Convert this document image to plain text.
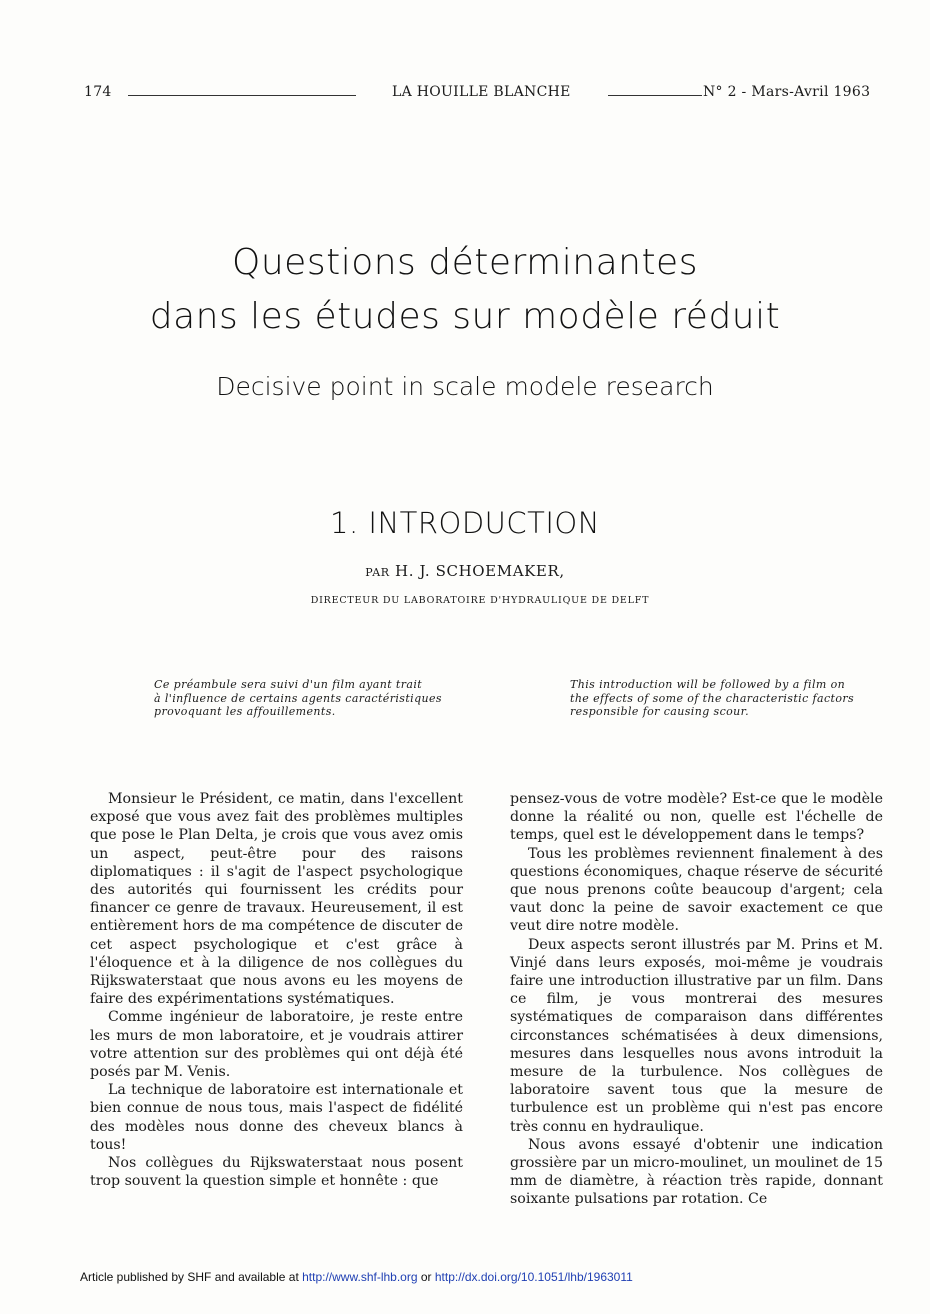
174	LA HOUILLE BLANCHE	N° 2 - Mars-Avril 1963
Questions déterminantes
dans les études sur modèle réduit
Decisive point in scale modele research
1. INTRODUCTION
PAR H. J. SCHOEMAKER,
DIRECTEUR DU LABORATOIRE D'HYDRAULIQUE DE DELFT
Ce préambule sera suivi d'un film ayant trait
à l'influence de certains agents caractéristiques
provoquant les affouillements.
This introduction will be followed by a film on
the effects of some of the characteristic factors
responsible for causing scour.

Monsieur le Président, ce matin, dans l'excellent exposé que vous avez fait des problèmes multiples que pose le Plan Delta, je crois que vous avez omis un aspect, peut-être pour des raisons diplomatiques : il s'agit de l'aspect psychologique des autorités qui fournissent les crédits pour financer ce genre de travaux. Heureusement, il est entièrement hors de ma compétence de discuter de cet aspect psychologique et c'est grâce à l'éloquence et à la diligence de nos collègues du Rijkswaterstaat que nous avons eu les moyens de faire des expérimentations systématiques.

Comme ingénieur de laboratoire, je reste entre les murs de mon laboratoire, et je voudrais attirer votre attention sur des problèmes qui ont déjà été posés par M. Venis.

La technique de laboratoire est internationale et bien connue de nous tous, mais l'aspect de fidélité des modèles nous donne des cheveux blancs à tous!

Nos collègues du Rijkswaterstaat nous posent trop souvent la question simple et honnête : que

pensez-vous de votre modèle? Est-ce que le modèle donne la réalité ou non, quelle est l'échelle de temps, quel est le développement dans le temps?

Tous les problèmes reviennent finalement à des questions économiques, chaque réserve de sécurité que nous prenons coûte beaucoup d'argent; cela vaut donc la peine de savoir exactement ce que veut dire notre modèle.

Deux aspects seront illustrés par M. Prins et M. Vinjé dans leurs exposés, moi-même je voudrais faire une introduction illustrative par un film. Dans ce film, je vous montrerai des mesures systématiques de comparaison dans différentes circonstances schématisées à deux dimensions, mesures dans lesquelles nous avons introduit la mesure de la turbulence. Nos collègues de laboratoire savent tous que la mesure de turbulence est un problème qui n'est pas encore très connu en hydraulique.

Nous avons essayé d'obtenir une indication grossière par un micro-moulinet, un moulinet de 15 mm de diamètre, à réaction très rapide, donnant soixante pulsations par rotation. Ce

Article published by SHF and available at http://www.shf-lhb.org or http://dx.doi.org/10.1051/lhb/1963011
